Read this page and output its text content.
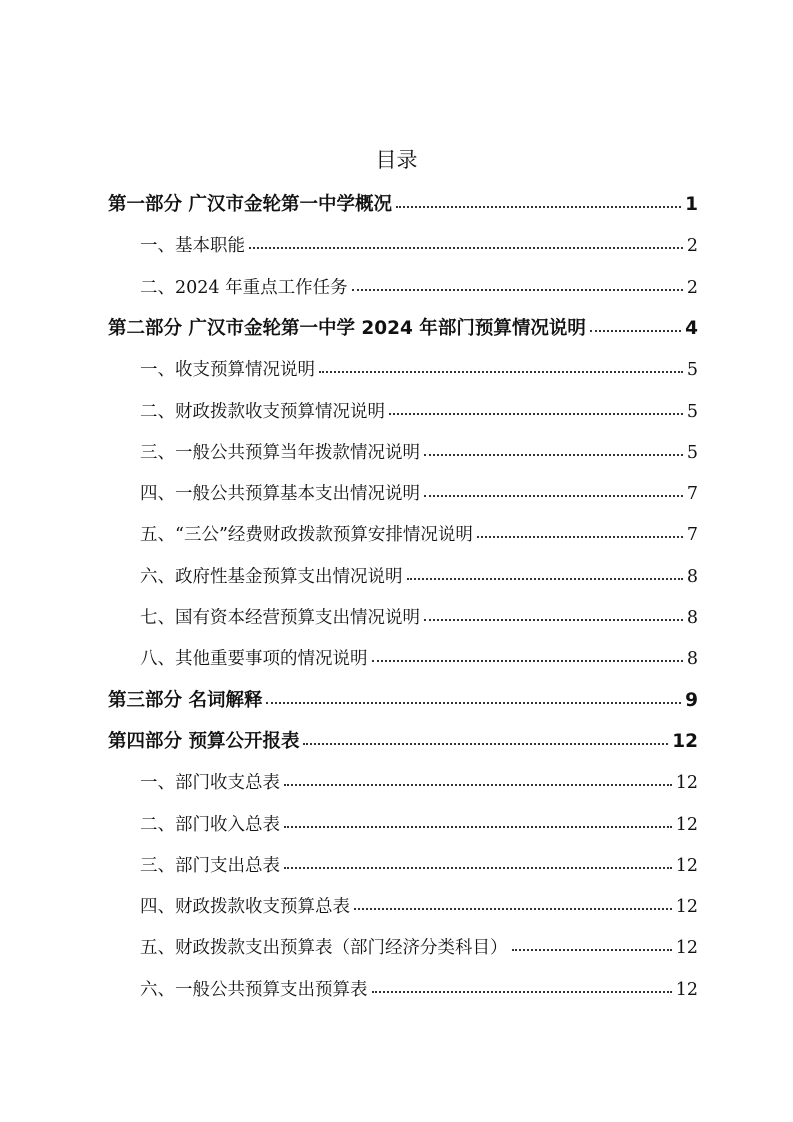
目录
第一部分 广汉市金轮第一中学概况	1
一、基本职能	2
二、2024 年重点工作任务	2
第二部分 广汉市金轮第一中学 2024 年部门预算情况说明	4
一、收支预算情况说明	5
二、财政拨款收支预算情况说明	5
三、一般公共预算当年拨款情况说明	5
四、一般公共预算基本支出情况说明	7
五、“三公”经费财政拨款预算安排情况说明	7
六、政府性基金预算支出情况说明	8
七、国有资本经营预算支出情况说明	8
八、其他重要事项的情况说明	8
第三部分 名词解释	9
第四部分 预算公开报表	12
一、部门收支总表	12
二、部门收入总表	12
三、部门支出总表	12
四、财政拨款收支预算总表	12
五、财政拨款支出预算表（部门经济分类科目）	12
六、一般公共预算支出预算表	12
